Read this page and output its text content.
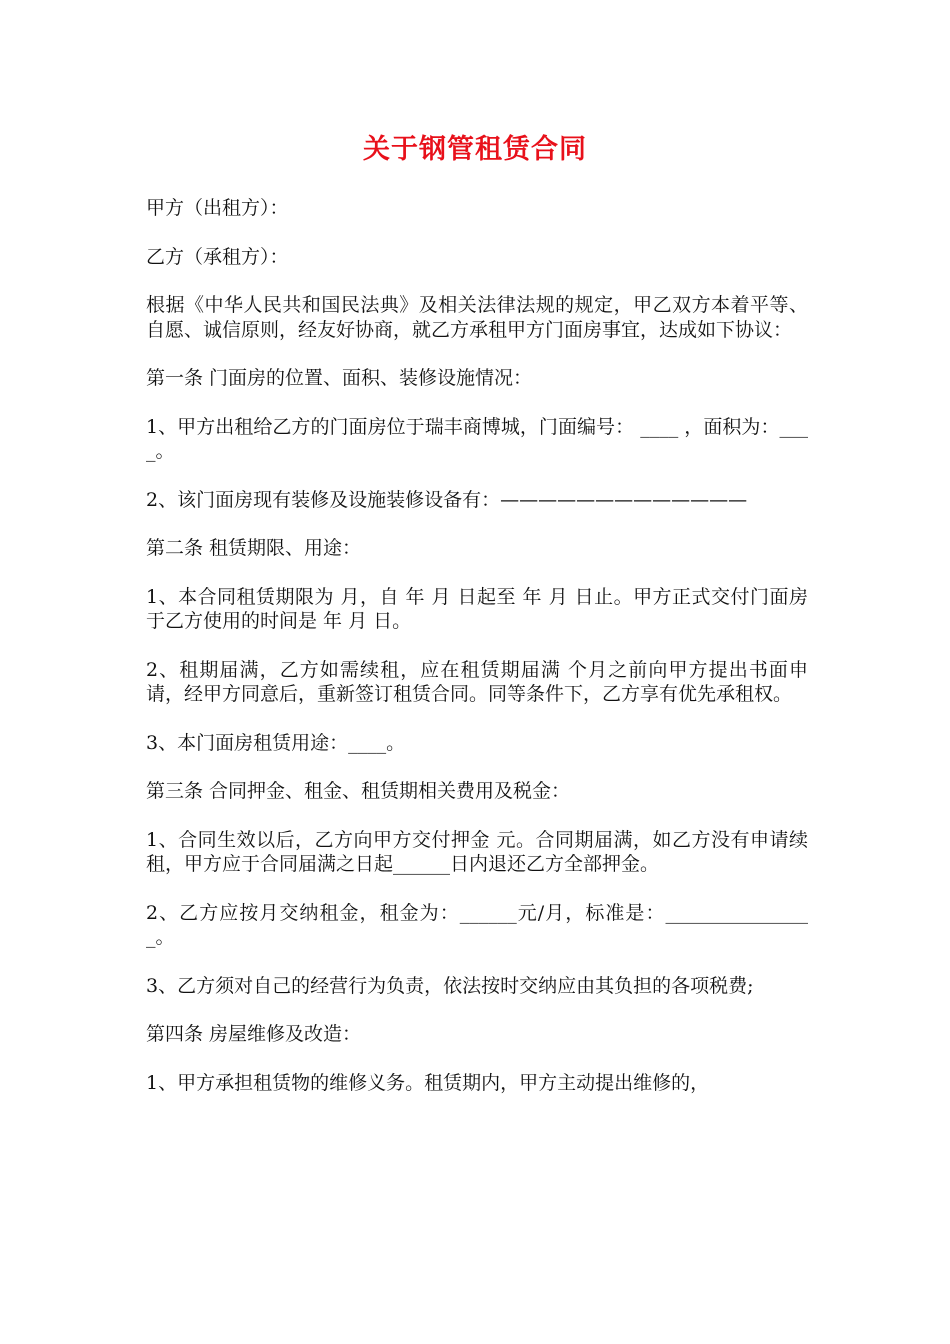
关于钢管租赁合同

甲方（出租方）：

乙方（承租方）：

根据《中华人民共和国民法典》及相关法律法规的规定，甲乙双方本着平等、自愿、诚信原则，经友好协商，就乙方承租甲方门面房事宜，达成如下协议：

第一条 门面房的位置、面积、装修设施情况：

1、甲方出租给乙方的门面房位于瑞丰商博城，门面编号： ____ ，面积为：____。

2、该门面房现有装修及设施装修设备有：—————————————

第二条 租赁期限、用途：

1、本合同租赁期限为 月，自 年 月 日起至 年 月 日止。甲方正式交付门面房于乙方使用的时间是 年 月 日。

2、租期届满，乙方如需续租，应在租赁期届满 个月之前向甲方提出书面申请，经甲方同意后，重新签订租赁合同。同等条件下，乙方享有优先承租权。

3、本门面房租赁用途：____。

第三条 合同押金、租金、租赁期相关费用及税金：

1、合同生效以后，乙方向甲方交付押金 元。合同期届满，如乙方没有申请续租，甲方应于合同届满之日起______日内退还乙方全部押金。

2、乙方应按月交纳租金，租金为：______元/月，标准是：________________。

3、乙方须对自己的经营行为负责，依法按时交纳应由其负担的各项税费;

第四条 房屋维修及改造：

1、甲方承担租赁物的维修义务。租赁期内，甲方主动提出维修的，
